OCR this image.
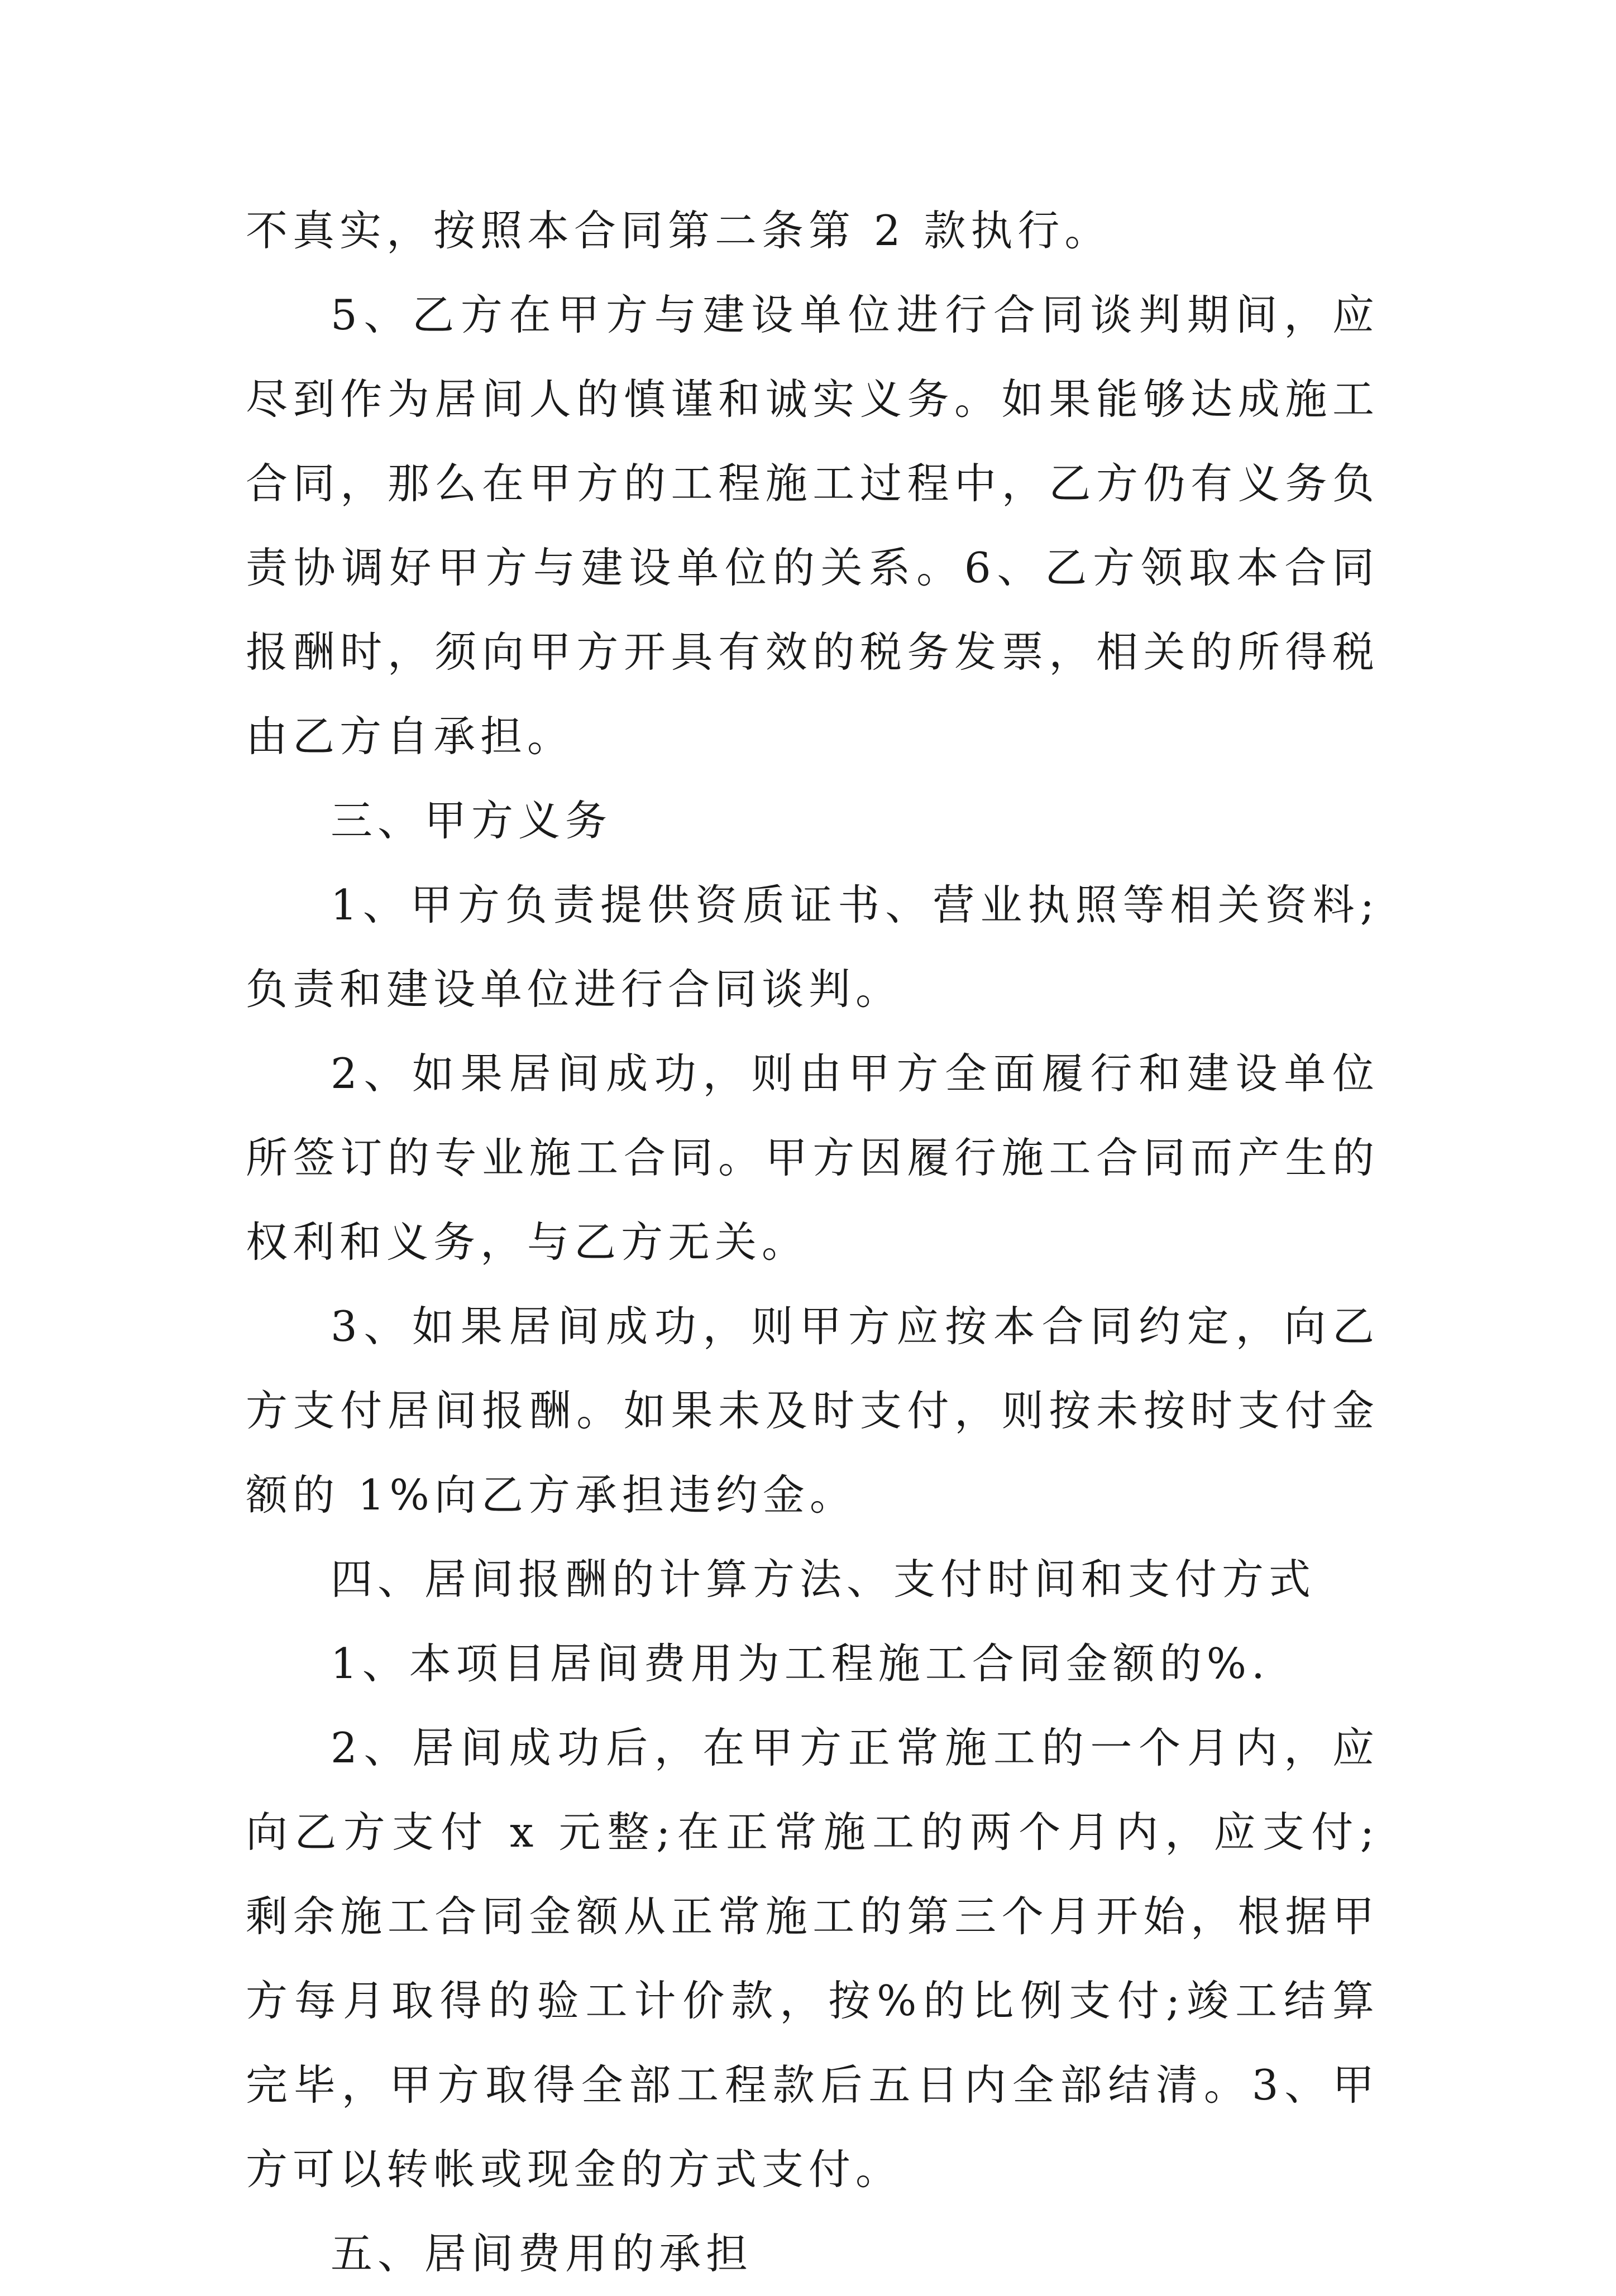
不真实，按照本合同第二条第 2 款执行。

5、乙方在甲方与建设单位进行合同谈判期间，应尽到作为居间人的慎谨和诚实义务。如果能够达成施工合同，那么在甲方的工程施工过程中，乙方仍有义务负责协调好甲方与建设单位的关系。6、乙方领取本合同报酬时，须向甲方开具有效的税务发票，相关的所得税由乙方自承担。

三、甲方义务

1、甲方负责提供资质证书、营业执照等相关资料;负责和建设单位进行合同谈判。

2、如果居间成功，则由甲方全面履行和建设单位所签订的专业施工合同。甲方因履行施工合同而产生的权利和义务，与乙方无关。

3、如果居间成功，则甲方应按本合同约定，向乙方支付居间报酬。如果未及时支付，则按未按时支付金额的 1%向乙方承担违约金。

四、居间报酬的计算方法、支付时间和支付方式

1、本项目居间费用为工程施工合同金额的%.

2、居间成功后，在甲方正常施工的一个月内，应向乙方支付 x 元整;在正常施工的两个月内，应支付;剩余施工合同金额从正常施工的第三个月开始，根据甲方每月取得的验工计价款，按%的比例支付;竣工结算完毕，甲方取得全部工程款后五日内全部结清。3、甲方可以转帐或现金的方式支付。

五、居间费用的承担
